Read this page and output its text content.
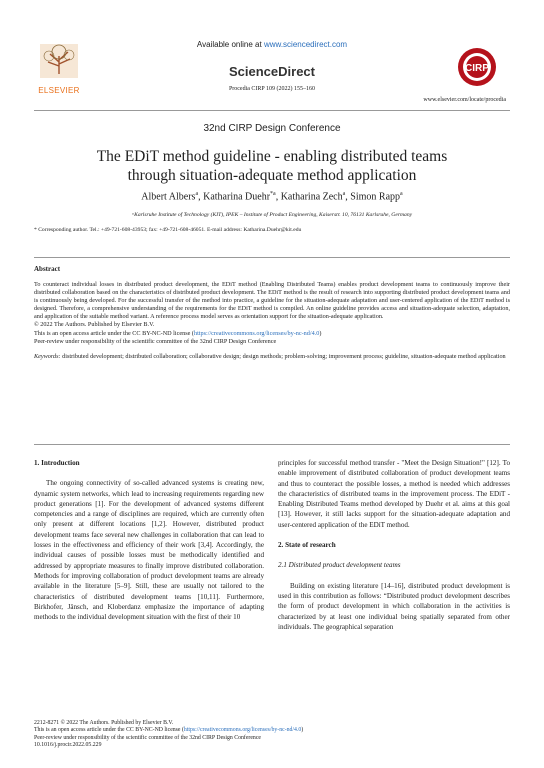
ELSEVIER
CIRP
Available online at www.sciencedirect.com
ScienceDirect
Procedia CIRP 109 (2022) 155–160
www.elsevier.com/locate/procedia
32nd CIRP Design Conference
The EDiT method guideline - enabling distributed teams
through situation-adequate method application
Albert Albers$^a$, Katharina Duehr$^{*a}$, Katharina Zech$^a$, Simon Rapp$^a$
ᵃKarlsruhe Institute of Technology (KIT), IPEK – Institute of Product Engineering, Kaiserstr. 10, 76131 Karlsruhe, Germany
* Corresponding author. Tel.: +49-721-608-43953; fax: +49-721-608-46051. E-mail address: Katharina.Duehr@kit.edu
Abstract

To counteract individual losses in distributed product development, the EDiT method (Enabling Distributed Teams) enables product development teams to continuously improve their distributed collaboration based on the characteristics of distributed product development. The EDiT method is the result of research into supporting distributed product development teams and is continuously being developed. For the successful transfer of the method into practice, a guideline for the situation-adequate adaptation and user-centered application of the EDiT method is designed. Therefore, a comprehensive understanding of the requirements for the EDiT method is compiled. An online guideline provides access and situation-adequate selection, adaptation, and application of the suitable method variant. A reference process model serves as orientation support for the situation-adequate application.

© 2022 The Authors. Published by Elsevier B.V.

This is an open access article under the CC BY-NC-ND license (https://creativecommons.org/licenses/by-nc-nd/4.0)

Peer-review under responsibility of the scientific committee of the 32nd CIRP Design Conference

Keywords: distributed development; distributed collaboration; collaborative design; design methods; problem-solving; improvement process; guideline, situation-adequate method application

1. Introduction

The ongoing connectivity of so-called advanced systems is creating new, dynamic system networks, which lead to increasing requirements regarding new product generations [1]. For the development of advanced systems different competencies and a range of disciplines are required, which are currently often only present at different locations [1,2]. However, distributed product development teams face several new challenges in collaboration that can lead to losses in the effectiveness and efficiency of their work [3,4]. Accordingly, the individual causes of possible losses must be methodically identified and addressed by appropriate measures to finally improve distributed collaboration. Methods for improving collaboration of product development teams are already available in the literature [5–9]. Still, these are usually not tailored to the characteristics of distributed development teams [10,11]. Furthermore, Birkhofer, Jänsch, and Kloberdanz emphasize the importance of adapting methods to the individual development situation with the first of their 10

principles for successful method transfer - "Meet the Design Situation!" [12]. To enable improvement of distributed collaboration of product development teams and thus to counteract the possible losses, a method is needed which addresses the characteristics of distributed teams in the improvement process. The EDiT - Enabling Distributed Teams method developed by Duehr et al. aims at this goal [13]. However, it still lacks support for the situation-adequate adaptation and user-centered application of the EDiT method.

2. State of research
2.1 Distributed product development teams

Building on existing literature [14–16], distributed product development is used in this contribution as follows: “Distributed product development describes the form of product development in which collaboration in the activities is characterized by at least one individual being spatially separated from other individuals. The geographical separation

2212-8271 © 2022 The Authors. Published by Elsevier B.V.
This is an open access article under the CC BY-NC-ND license (https://creativecommons.org/licenses/by-nc-nd/4.0)
Peer-review under responsibility of the scientific committee of the 32nd CIRP Design Conference
10.1016/j.procir.2022.05.229
